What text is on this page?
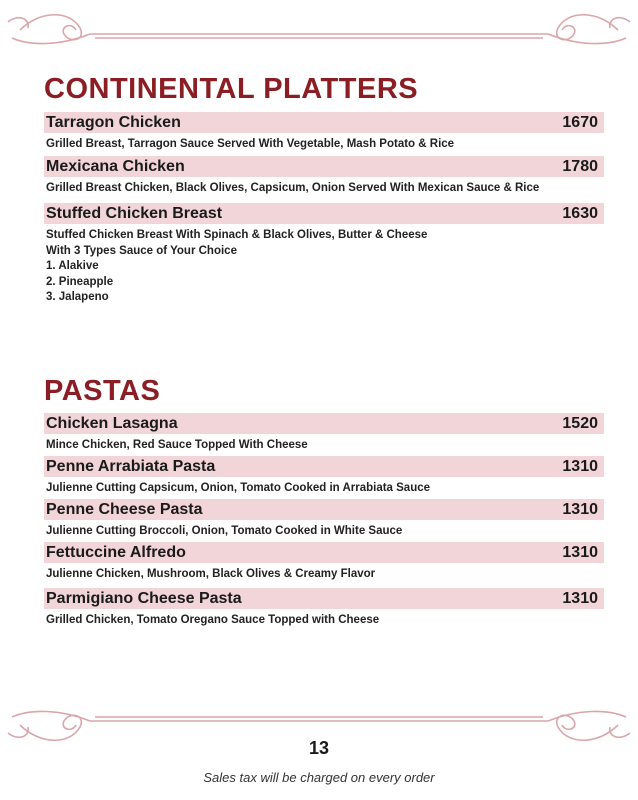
CONTINENTAL PLATTERS
Tarragon Chicken	1670
Grilled Breast, Tarragon Sauce Served With Vegetable, Mash Potato & Rice
Mexicana Chicken	1780
Grilled Breast Chicken, Black Olives, Capsicum, Onion Served With Mexican Sauce & Rice
Stuffed Chicken Breast	1630
Stuffed Chicken Breast With Spinach & Black Olives, Butter & Cheese
With 3 Types Sauce of Your Choice
1. Alakive
2. Pineapple
3. Jalapeno
PASTAS
Chicken Lasagna	1520
Mince Chicken, Red Sauce Topped With Cheese
Penne Arrabiata Pasta	1310
Julienne Cutting Capsicum, Onion, Tomato Cooked in Arrabiata Sauce
Penne Cheese Pasta	1310
Julienne Cutting Broccoli, Onion, Tomato Cooked in White Sauce
Fettuccine Alfredo	1310
Julienne Chicken, Mushroom, Black Olives & Creamy Flavor
Parmigiano Cheese Pasta	1310
Grilled Chicken, Tomato Oregano Sauce Topped with Cheese
13
Sales tax will be charged on every order
